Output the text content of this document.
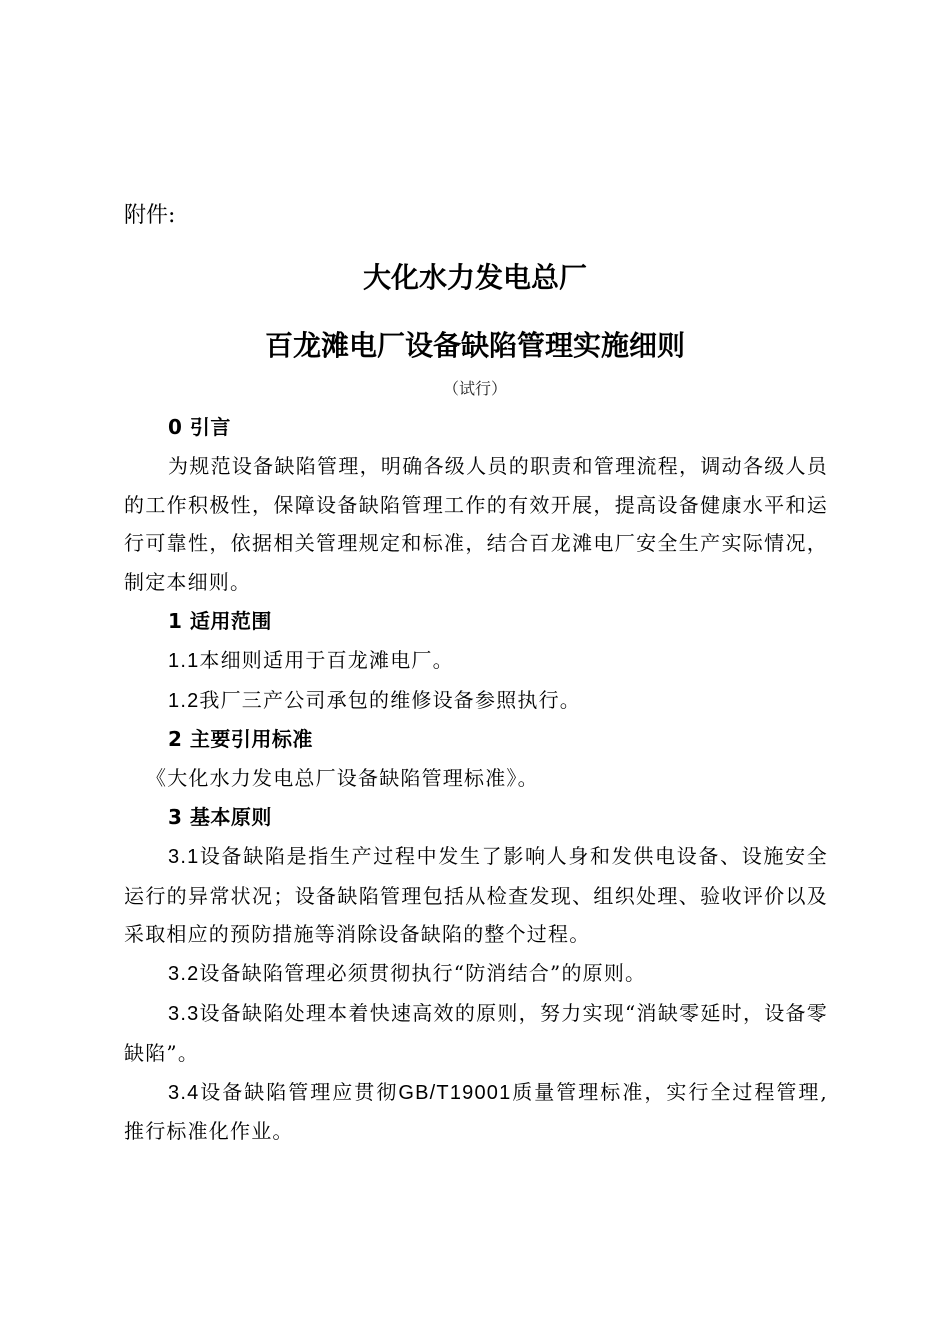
附件:
大化水力发电总厂
百龙滩电厂设备缺陷管理实施细则
（试行）

0 引言

为规范设备缺陷管理，明确各级人员的职责和管理流程，调动各级人员的工作积极性，保障设备缺陷管理工作的有效开展，提高设备健康水平和运行可靠性，依据相关管理规定和标准，结合百龙滩电厂安全生产实际情况，制定本细则。

1 适用范围

1.1本细则适用于百龙滩电厂。

1.2我厂三产公司承包的维修设备参照执行。

2 主要引用标准

《大化水力发电总厂设备缺陷管理标准》。

3 基本原则

3.1设备缺陷是指生产过程中发生了影响人身和发供电设备、设施安全运行的异常状况；设备缺陷管理包括从检查发现、组织处理、验收评价以及采取相应的预防措施等消除设备缺陷的整个过程。

3.2设备缺陷管理必须贯彻执行“防消结合”的原则。

3.3设备缺陷处理本着快速高效的原则，努力实现“消缺零延时，设备零缺陷”。

3.4设备缺陷管理应贯彻GB/T19001质量管理标准，实行全过程管理,推行标准化作业。
